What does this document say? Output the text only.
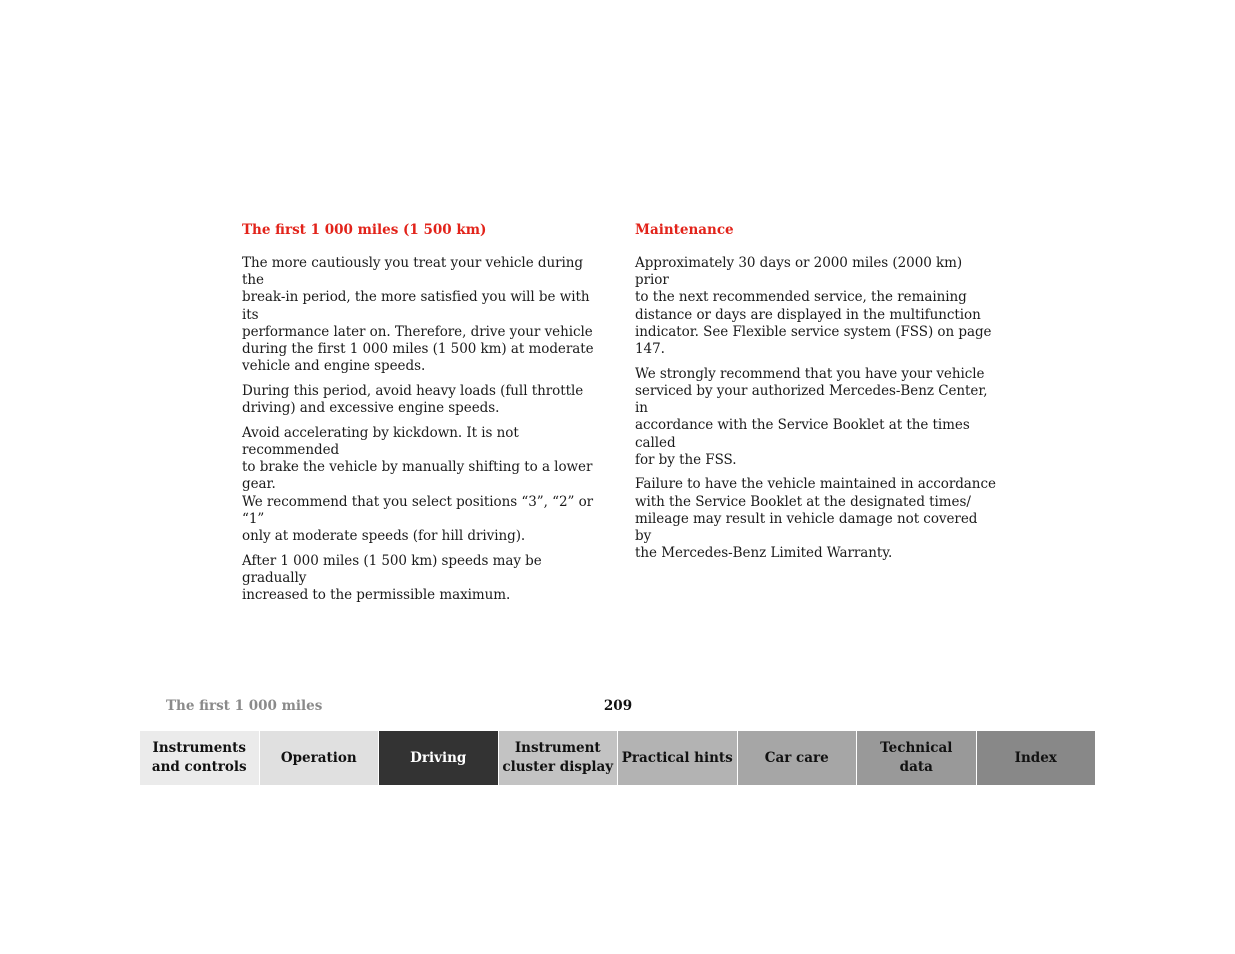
The first 1 000 miles (1 500 km)

The more cautiously you treat your vehicle during the
break-in period, the more satisfied you will be with its
performance later on. Therefore, drive your vehicle
during the first 1 000 miles (1 500 km) at moderate
vehicle and engine speeds.

During this period, avoid heavy loads (full throttle
driving) and excessive engine speeds.

Avoid accelerating by kickdown. It is not recommended
to brake the vehicle by manually shifting to a lower gear.
We recommend that you select positions “3”, “2” or “1”
only at moderate speeds (for hill driving).

After 1 000 miles (1 500 km) speeds may be gradually
increased to the permissible maximum.

Maintenance

Approximately 30 days or 2000 miles (2000 km) prior
to the next recommended service, the remaining
distance or days are displayed in the multifunction
indicator. See Flexible service system (FSS) on page 147.

We strongly recommend that you have your vehicle
serviced by your authorized Mercedes-Benz Center, in
accordance with the Service Booklet at the times called
for by the FSS.

Failure to have the vehicle maintained in accordance
with the Service Booklet at the designated times/
mileage may result in vehicle damage not covered by
the Mercedes-Benz Limited Warranty.

The first 1 000 miles	209
Instruments
and controls
Operation	Driving
Instrument
cluster display
Practical hints	Car care
Technical
data
Index
